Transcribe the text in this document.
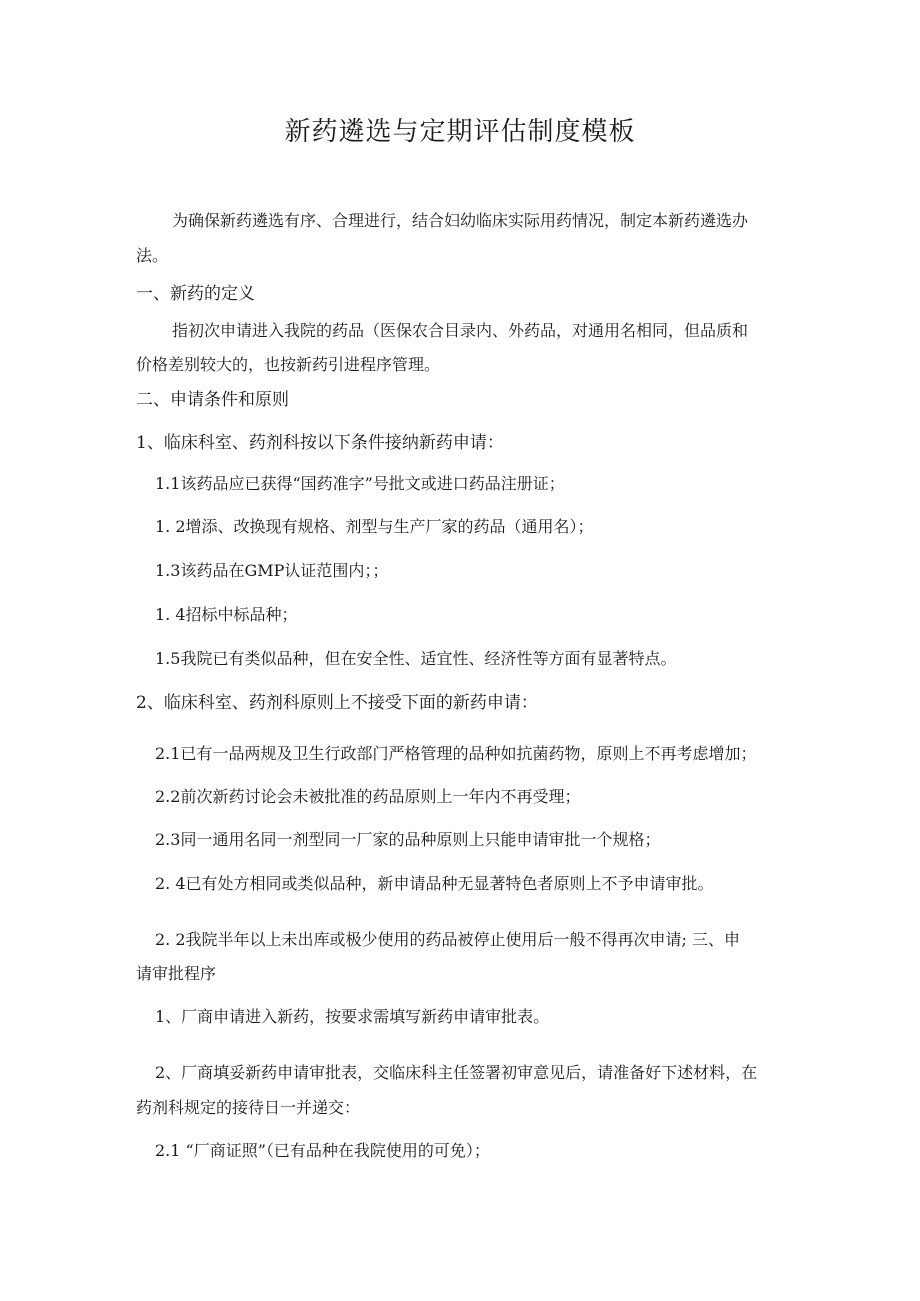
新药遴选与定期评估制度模板
为确保新药遴选有序、合理进行，结合妇幼临床实际用药情况，制定本新药遴选办
法。
一、新药的定义
指初次申请进入我院的药品（医保农合目录内、外药品，对通用名相同，但品质和
价格差别较大的，也按新药引进程序管理。
二、申请条件和原则
1、临床科室、药剂科按以下条件接纳新药申请：
1.1该药品应已获得“国药准字”号批文或进口药品注册证；
1. 2增添、改换现有规格、剂型与生产厂家的药品（通用名）；
1.3该药品在GMP认证范围内；；
1. 4招标中标品种；
1.5我院已有类似品种，但在安全性、适宜性、经济性等方面有显著特点。
2、临床科室、药剂科原则上不接受下面的新药申请：
2.1已有一品两规及卫生行政部门严格管理的品种如抗菌药物，原则上不再考虑增加；
2.2前次新药讨论会未被批准的药品原则上一年内不再受理；
2.3同一通用名同一剂型同一厂家的品种原则上只能申请审批一个规格；
2. 4已有处方相同或类似品种，新申请品种无显著特色者原则上不予申请审批。
2. 2我院半年以上未出库或极少使用的药品被停止使用后一般不得再次申请; 三、申
请审批程序
1、厂商申请进入新药，按要求需填写新药申请审批表。
2、厂商填妥新药申请审批表，交临床科主任签署初审意见后，请准备好下述材料，在
药剂科规定的接待日一并递交：
2.1 “厂商证照”（已有品种在我院使用的可免）；
